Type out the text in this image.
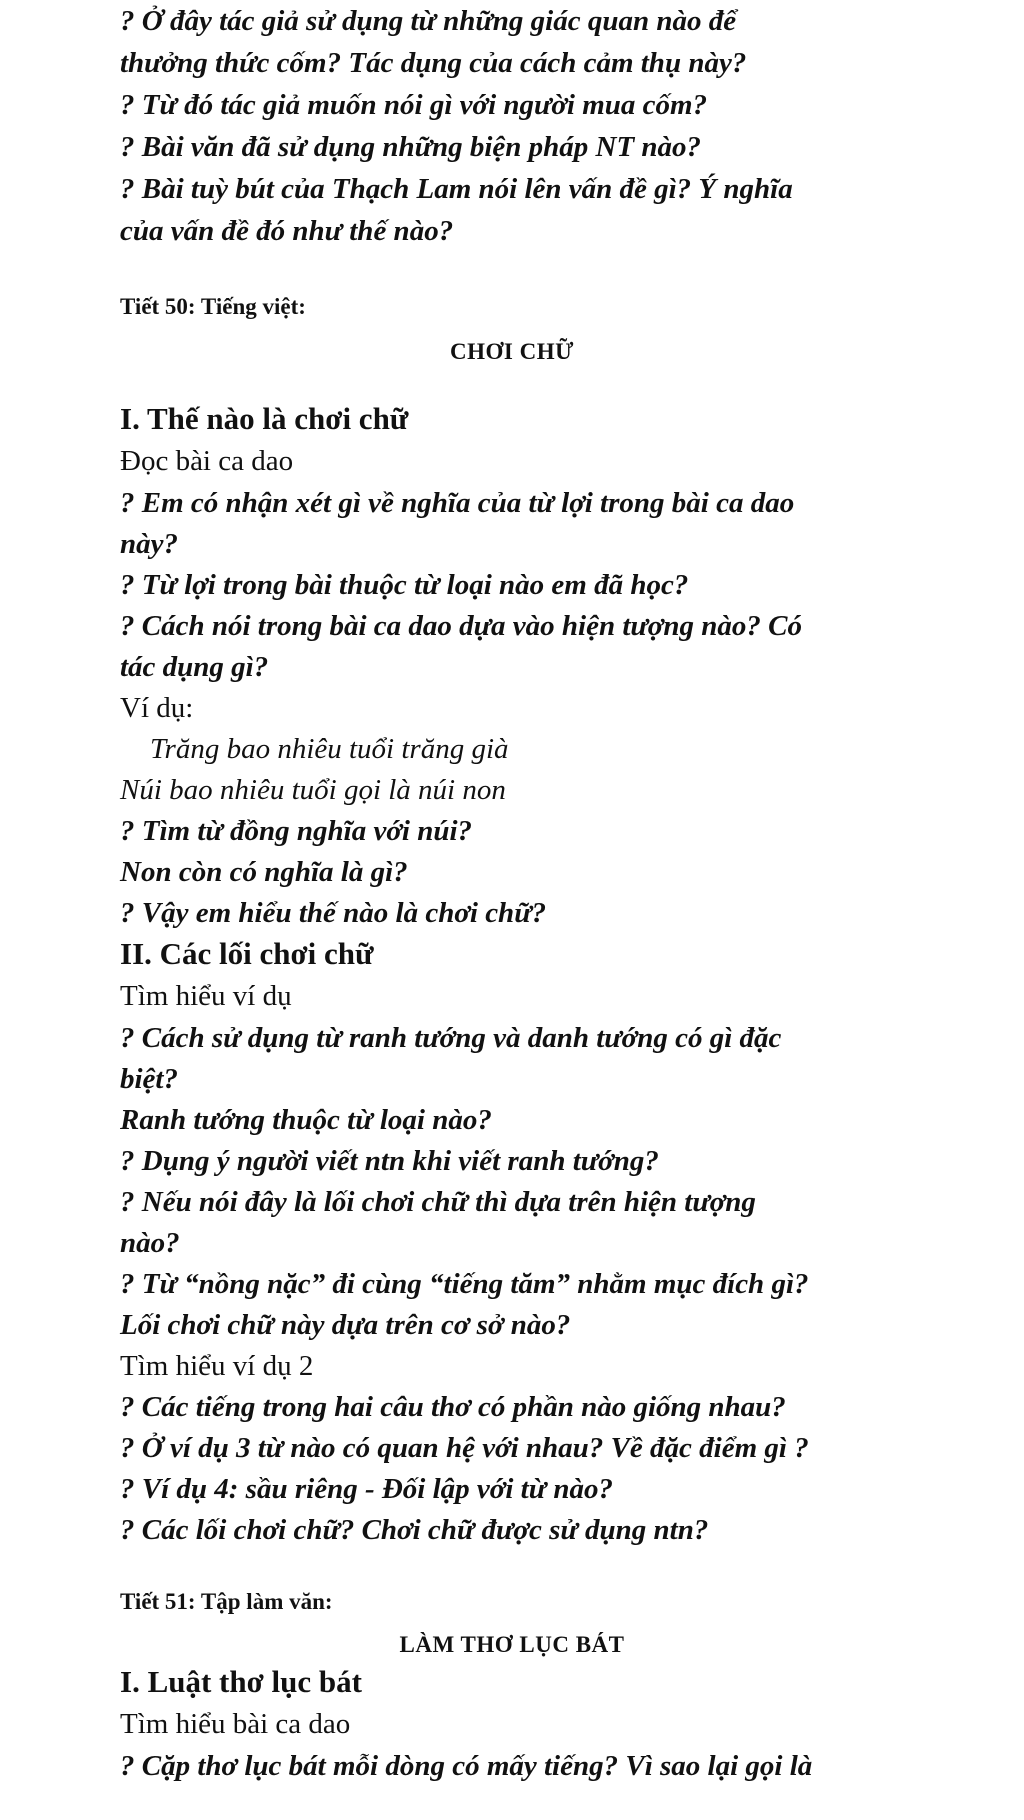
? Ở đây tác giả sử dụng từ những giác quan nào để
thưởng thức cốm? Tác dụng của cách cảm thụ này?
? Từ đó tác giả muốn nói gì với người mua cốm?
? Bài văn đã sử dụng những biện pháp NT nào?
? Bài tuỳ bút của Thạch Lam nói lên vấn đề gì? Ý nghĩa
của vấn đề đó như thế nào?
Tiết 50: Tiếng việt:
CHƠI CHỮ
I. Thế nào là chơi chữ
Đọc bài ca dao
? Em có nhận xét gì về nghĩa của từ lợi trong bài ca dao
này?
? Từ lợi trong bài thuộc từ loại nào em đã học?
? Cách nói trong bài ca dao dựa vào hiện tượng nào? Có
tác dụng gì?
Ví dụ:
Trăng bao nhiêu tuổi trăng già
Núi bao nhiêu tuổi gọi là núi non
? Tìm từ đồng nghĩa với núi?
Non còn có nghĩa là gì?
? Vậy em hiểu thế nào là chơi chữ?
II. Các lối chơi chữ
Tìm hiểu ví dụ
? Cách sử dụng từ ranh tướng và danh tướng có gì đặc
biệt?
Ranh tướng thuộc từ loại nào?
? Dụng ý người viết ntn khi viết ranh tướng?
? Nếu nói đây là lối chơi chữ thì dựa trên hiện tượng
nào?
? Từ “nồng nặc” đi cùng “tiếng tăm” nhằm mục đích gì?
Lối chơi chữ này dựa trên cơ sở nào?
Tìm hiểu ví dụ 2
? Các tiếng trong hai câu thơ có phần nào giống nhau?
? Ở ví dụ 3 từ nào có quan hệ với nhau? Về đặc điểm gì ?
? Ví dụ 4: sầu riêng - Đối lập với từ nào?
? Các lối chơi chữ? Chơi chữ được sử dụng ntn?
Tiết 51: Tập làm văn:
LÀM THƠ LỤC BÁT
I. Luật thơ lục bát
Tìm hiểu bài ca dao
? Cặp thơ lục bát mỗi dòng có mấy tiếng? Vì sao lại gọi là
